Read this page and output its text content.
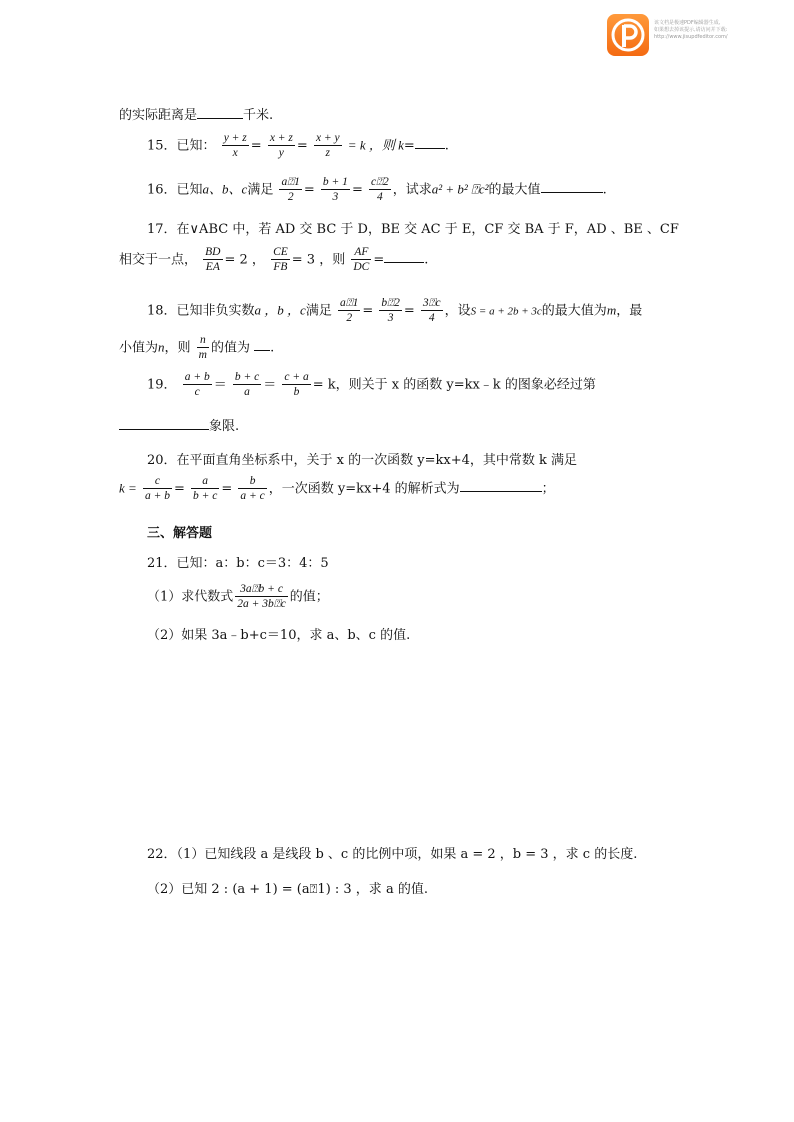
该文档是极速PDF编辑器生成,
如果想去掉该提示,请访问并下载:
http://www.jisupdfeditor.com/
的实际距离是	千米.
15．已知： $\frac{y + z}{x} = \frac{x + z}{y} = \frac{x + y}{z} = k$ ，则 k= .
16．已知a、b、c满足 $\frac{a⍰1}{2} = \frac{b + 1}{3} = \frac{c⍰2}{4}$ ，试求a² + b² ⍰c²的最大值	.
17．在∨ABC 中，若 AD 交 BC 于 D，BE 交 AC 于 E，CF 交 BA 于 F，AD 、BE 、CF
相交于一点， $\frac{BD}{EA} = 2$ ， $\frac{CE}{FB} = 3$ ，则 $\frac{AF}{DC}$ =	.
18．已知非负实数a ，b ，c满足 $\frac{a⍰1}{2} = \frac{b⍰2}{3} = \frac{3⍰c}{4}$ ，设S = a + 2b + 3c的最大值为m，最
小值为n，则 $\frac{n}{m}$ 的值为 .
19． $\frac{a + b}{c} = \frac{b + c}{a} = \frac{c + a}{b} = k$，则关于 x 的函数 y=kx﹣k 的图象必经过第
象限.
20．在平面直角坐标系中，关于 x 的一次函数 y=kx+4，其中常数 k 满足
$k = \frac{c}{a + b} = \frac{a}{b + c} = \frac{b}{a + c}$ ，一次函数 y=kx+4 的解析式为	；
三、解答题
21．已知：a：b：c＝3：4：5
（1）求代数式 $\frac{3a⍰b + c}{2a + 3b⍰c}$ 的值；
（2）如果 3a﹣b+c＝10，求 a、b、c 的值.
22．（1）已知线段 a 是线段 b 、c 的比例中项，如果 a = 2 ，b = 3 ，求 c 的长度.
（2）已知 2 : (a + 1) = (a⍰1) : 3 ，求 a 的值.
